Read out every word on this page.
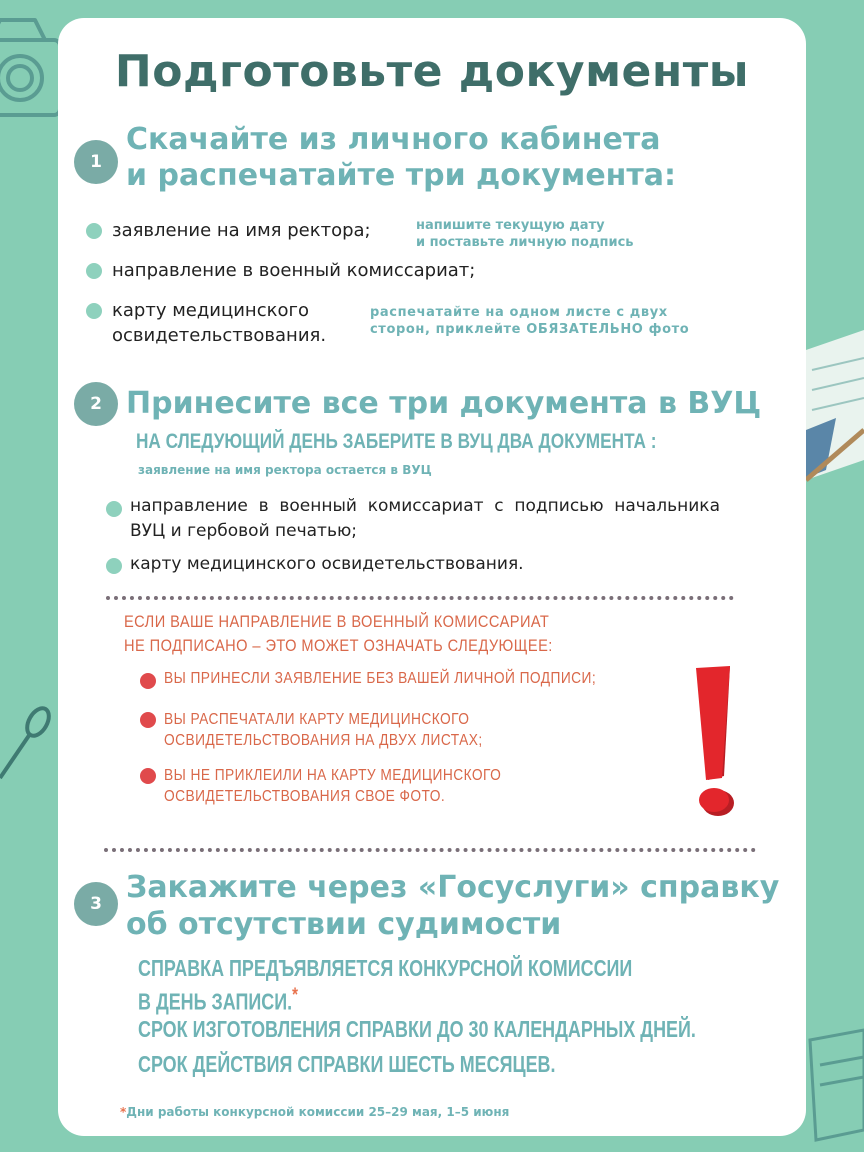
Подготовьте документы
1
Скачайте из личного кабинета
и распечатайте три документа:
заявление на имя ректора;	напишите текущую дату
и поставьте личную подпись
направление в военный комиссариат;
карту медицинского
освидетельствования.
распечатайте на одном листе с двух
сторон, приклейте ОБЯЗАТЕЛЬНО фото
2 Принесите все три документа в ВУЦ
НА СЛЕДУЮЩИЙ ДЕНЬ ЗАБЕРИТЕ В ВУЦ ДВА ДОКУМЕНТА :
заявление на имя ректора остается в ВУЦ
направление в военный комиссариат с подписью начальника
ВУЦ и гербовой печатью;
карту медицинского освидетельствования.
ЕСЛИ ВАШЕ НАПРАВЛЕНИЕ В ВОЕННЫЙ КОМИССАРИАТ
НЕ ПОДПИСАНО – ЭТО МОЖЕТ ОЗНАЧАТЬ СЛЕДУЮЩЕЕ:
ВЫ ПРИНЕСЛИ ЗАЯВЛЕНИЕ БЕЗ ВАШЕЙ ЛИЧНОЙ ПОДПИСИ;
ВЫ РАСПЕЧАТАЛИ КАРТУ МЕДИЦИНСКОГО
ОСВИДЕТЕЛЬСТВОВАНИЯ НА ДВУХ ЛИСТАХ;
ВЫ НЕ ПРИКЛЕИЛИ НА КАРТУ МЕДИЦИНСКОГО
ОСВИДЕТЕЛЬСТВОВАНИЯ СВОЕ ФОТО.
3 Закажите через «Госуслуги» справку
об отсутствии судимости
СПРАВКА ПРЕДЪЯВЛЯЕТСЯ КОНКУРСНОЙ КОМИССИИ
В ДЕНЬ ЗАПИСИ.*
СРОК ИЗГОТОВЛЕНИЯ СПРАВКИ ДО 30 КАЛЕНДАРНЫХ ДНЕЙ.
СРОК ДЕЙСТВИЯ СПРАВКИ ШЕСТЬ МЕСЯЦЕВ.
*Дни работы конкурсной комиссии 25–29 мая, 1–5 июня
